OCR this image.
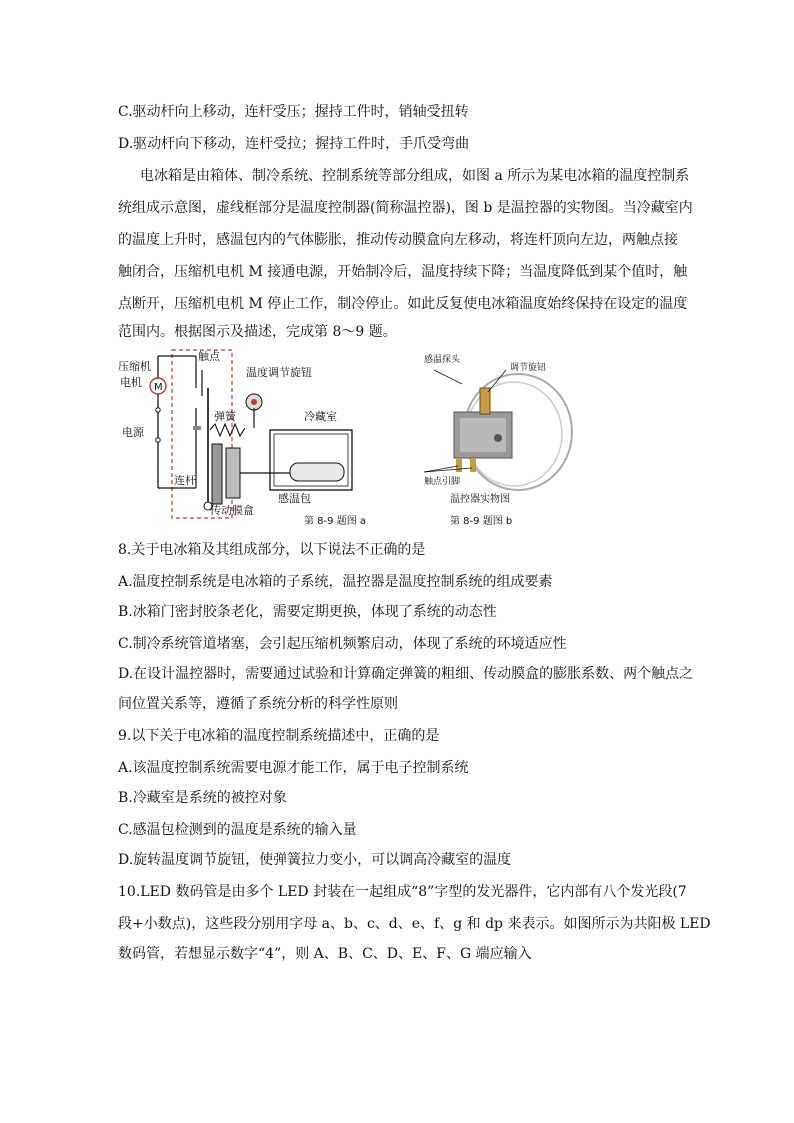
C.驱动杆向上移动，连杆受压；握持工件时，销轴受扭转
D.驱动杆向下移动，连杆受拉；握持工件时，手爪受弯曲
电冰箱是由箱体、制冷系统、控制系统等部分组成，如图 a 所示为某电冰箱的温度控制系
统组成示意图，虚线框部分是温度控制器(简称温控器)，图 b 是温控器的实物图。当冷藏室内
的温度上升时，感温包内的气体膨胀，推动传动膜盒向左移动，将连杆顶向左边，两触点接
触闭合，压缩机电机 M 接通电源，开始制冷后，温度持续下降；当温度降低到某个值时，触
点断开，压缩机电机 M 停止工作，制冷停止。如此反复使电冰箱温度始终保持在设定的温度
范围内。根据图示及描述，完成第 8～9 题。
M
压缩机
电机
电源
触点
温度调节旋钮
弹簧	冷藏室
连杆
感温包
传动膜盒
第 8-9 题图 a
感温探头
调节旋钮
触点引脚
温控器实物图
第 8-9 题图 b
8.关于电冰箱及其组成部分，以下说法不正确的是
A.温度控制系统是电冰箱的子系统，温控器是温度控制系统的组成要素
B.冰箱门密封胶条老化，需要定期更换，体现了系统的动态性
C.制冷系统管道堵塞，会引起压缩机频繁启动，体现了系统的环境适应性
D.在设计温控器时，需要通过试验和计算确定弹簧的粗细、传动膜盒的膨胀系数、两个触点之
间位置关系等，遵循了系统分析的科学性原则
9.以下关于电冰箱的温度控制系统描述中，正确的是
A.该温度控制系统需要电源才能工作，属于电子控制系统
B.冷藏室是系统的被控对象
C.感温包检测到的温度是系统的输入量
D.旋转温度调节旋钮，使弹簧拉力变小，可以调高冷藏室的温度
10.LED 数码管是由多个 LED 封装在一起组成“8”字型的发光器件，它内部有八个发光段(7
段+小数点)，这些段分别用字母 a、b、c、d、e、f、g 和 dp 来表示。如图所示为共阳极 LED
数码管，若想显示数字“4”，则 A、B、C、D、E、F、G 端应输入
